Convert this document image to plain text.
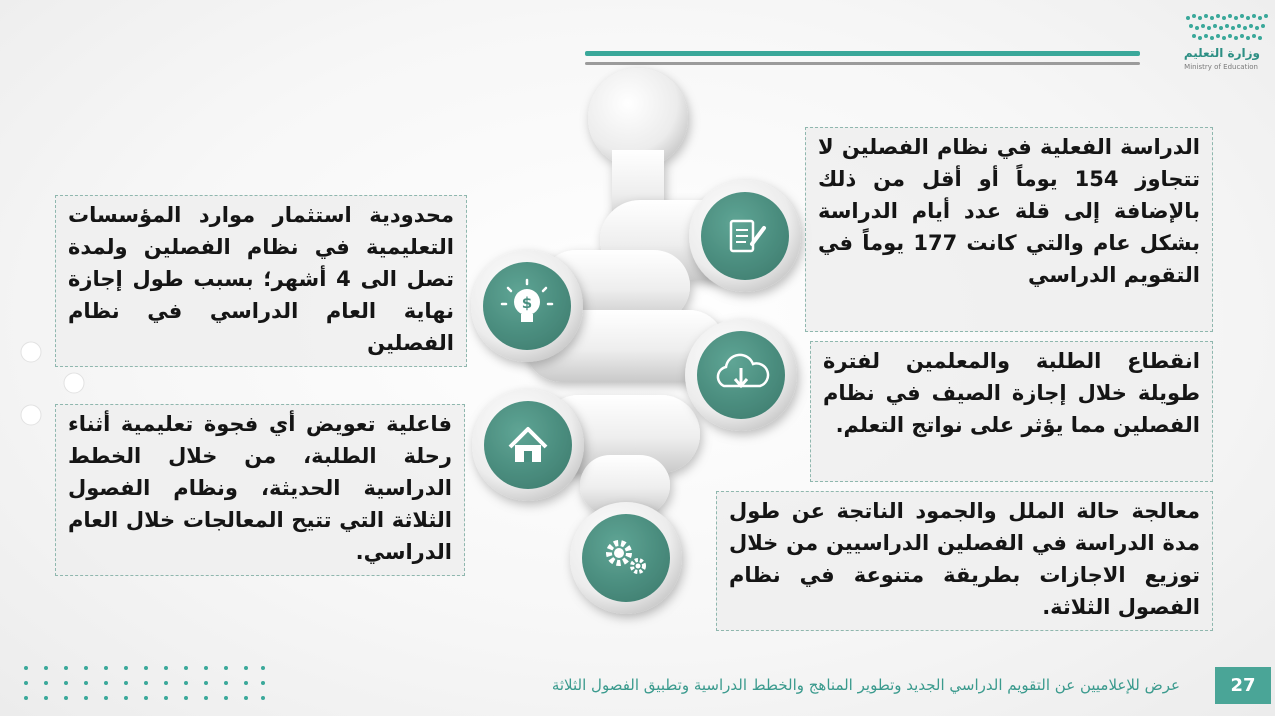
وزارة التعليم
Ministry of Education
$
الدراسة الفعلية في نظام الفصلين لا تتجاوز 154 يوماً أو أقل من ذلك بالإضافة إلى قلة عدد أيام الدراسة بشكل عام والتي كانت 177 يوماً في التقويم الدراسي
انقطاع الطلبة والمعلمين لفترة طويلة خلال إجازة الصيف في نظام الفصلين مما يؤثر على نواتج التعلم.
معالجة حالة الملل والجمود الناتجة عن طول مدة الدراسة في الفصلين الدراسيين من خلال توزيع الاجازات بطريقة متنوعة في نظام الفصول الثلاثة.
محدودية استثمار موارد المؤسسات التعليمية في نظام الفصلين ولمدة تصل الى 4 أشهر؛ بسبب طول إجازة نهاية العام الدراسي في نظام الفصلين
فاعلية تعويض أي فجوة تعليمية أثناء رحلة الطلبة، من خلال الخطط الدراسية الحديثة، ونظام الفصول الثلاثة التي تتيح المعالجات خلال العام الدراسي.
عرض للإعلاميين عن التقويم الدراسي الجديد وتطوير المناهج والخطط الدراسية وتطبيق الفصول الثلاثة	27
